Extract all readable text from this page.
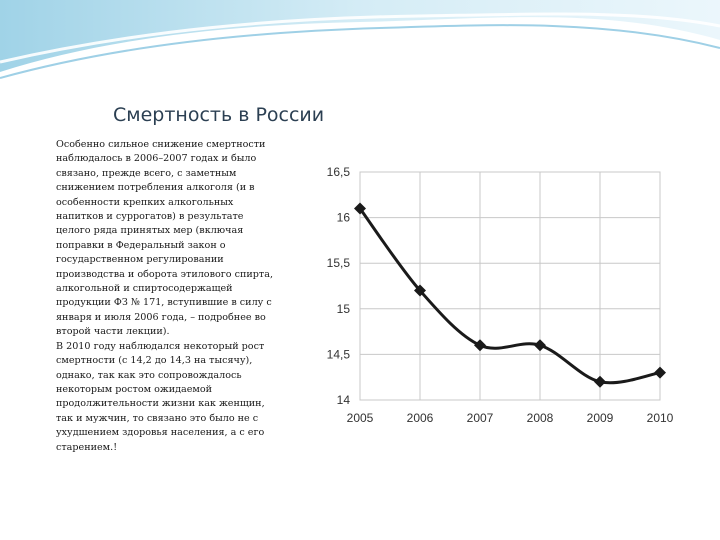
Смертность в России

Особенно сильное снижение смертности наблюдалось в 2006–2007 годах и было связано, прежде всего, с заметным снижением потребления алкоголя (и в особенности крепких алкогольных напитков и суррогатов) в результате целого ряда принятых мер (включая поправки в Федеральный закон о государственном регулировании производства и оборота этилового спирта, алкогольной и спиртосодержащей продукции ФЗ № 171, вступившие в силу с января и июля 2006 года, – подробнее во второй части лекции).

В 2010 году наблюдался некоторый рост смертности (с 14,2 до 14,3 на тысячу), однако, так как это сопровождалось некоторым ростом ожидаемой продолжительности жизни как женщин, так и мужчин, то связано это было не с ухудшением здоровья населения, а с его старением.!

14
14,5
15
15,5
16
16,5
2005	2006	2007	2008	2009	2010
